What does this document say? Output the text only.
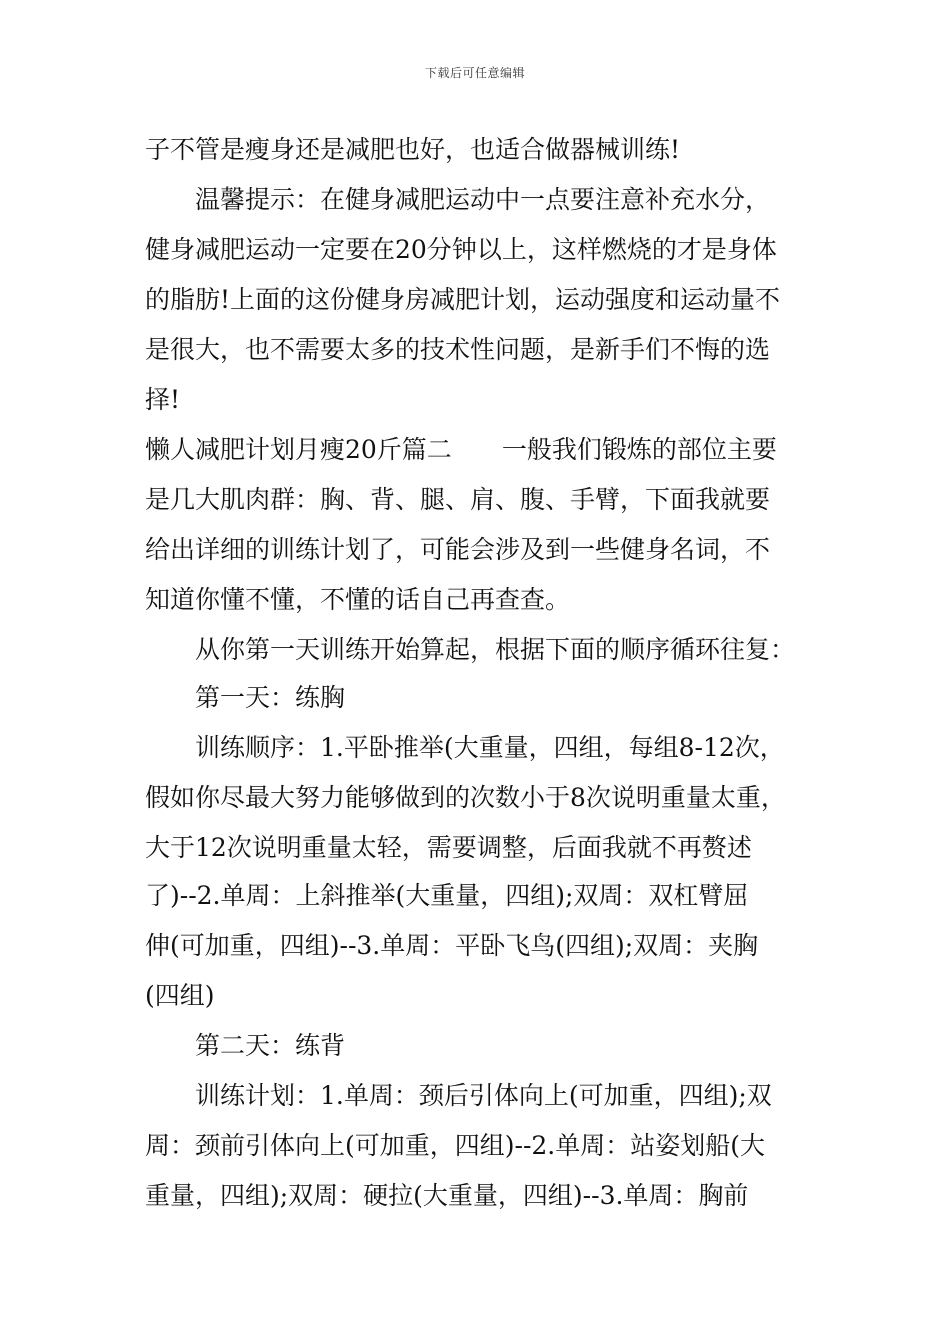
下载后可任意编辑
子不管是瘦身还是减肥也好，也适合做器械训练!
温馨提示：在健身减肥运动中一点要注意补充水分，
健身减肥运动一定要在20分钟以上，这样燃烧的才是身体
的脂肪!上面的这份健身房减肥计划，运动强度和运动量不
是很大，也不需要太多的技术性问题，是新手们不悔的选
择!
懒人减肥计划月瘦20斤篇二　　一般我们锻炼的部位主要
是几大肌肉群：胸、背、腿、肩、腹、手臂，下面我就要
给出详细的训练计划了，可能会涉及到一些健身名词，不
知道你懂不懂，不懂的话自己再查查。
从你第一天训练开始算起，根据下面的顺序循环往复：
第一天：练胸
训练顺序：1.平卧推举(大重量，四组，每组8-12次，
假如你尽最大努力能够做到的次数小于8次说明重量太重，
大于12次说明重量太轻，需要调整，后面我就不再赘述
了)--2.单周：上斜推举(大重量，四组);双周：双杠臂屈
伸(可加重，四组)--3.单周：平卧飞鸟(四组);双周：夹胸
(四组)
第二天：练背
训练计划：1.单周：颈后引体向上(可加重，四组);双
周：颈前引体向上(可加重，四组)--2.单周：站姿划船(大
重量，四组);双周：硬拉(大重量，四组)--3.单周：胸前
